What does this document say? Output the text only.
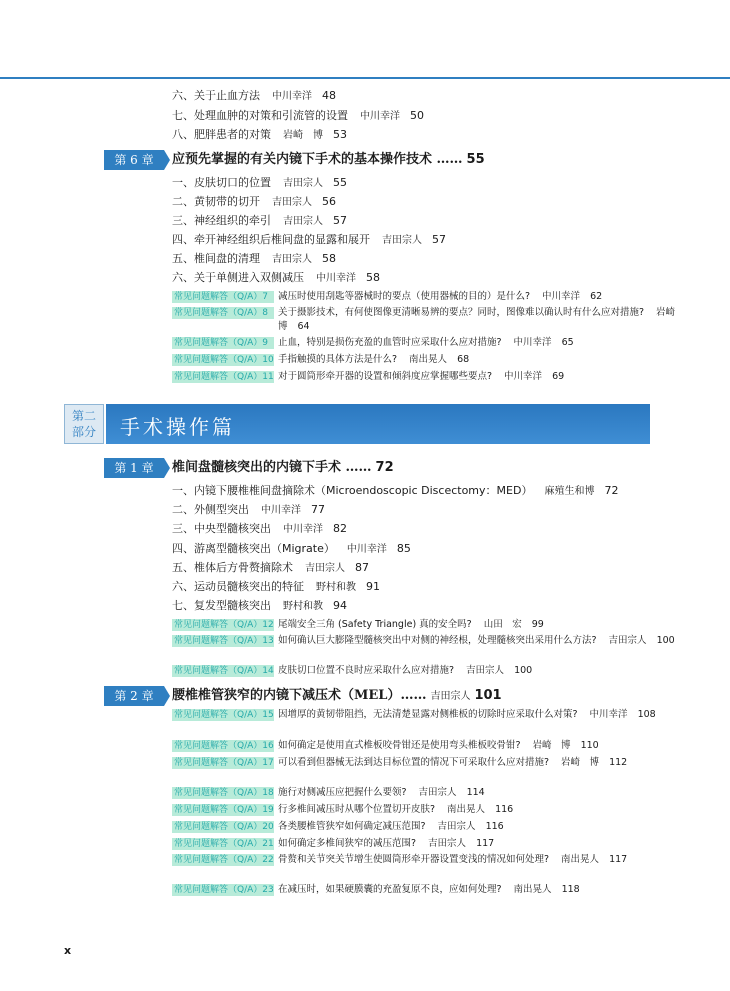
六、关于止血方法 中川幸洋 48
七、处理血肿的对策和引流管的设置 中川幸洋 50
八、肥胖患者的对策 岩崎　博 53
第 6 章	应预先掌握的有关内镜下手术的基本操作技术 …… 55
一、皮肤切口的位置 吉田宗人 55
二、黄韧带的切开 吉田宗人 56
三、神经组织的牵引 吉田宗人 57
四、牵开神经组织后椎间盘的显露和展开 吉田宗人 57
五、椎间盘的清理 吉田宗人 58
六、关于单侧进入双侧减压 中川幸洋 58
常见问题解答（Q/A）7	减压时使用刮匙等器械时的要点（使用器械的目的）是什么? 中川幸洋 62
常见问题解答（Q/A）8	关于摄影技术，有何使图像更清晰易辨的要点？同时，图像难以确认时有什么应对措施? 岩崎　博 64
常见问题解答（Q/A）9	止血，特别是损伤充盈的血管时应采取什么应对措施? 中川幸洋 65
常见问题解答（Q/A）10 手指触摸的具体方法是什么? 南出晃人 68
常见问题解答（Q/A）11 对于圆筒形牵开器的设置和倾斜度应掌握哪些要点? 中川幸洋 69
第二
部分	手术操作篇
第 1 章	椎间盘髓核突出的内镜下手术 …… 72
一、内镜下腰椎椎间盘摘除术（Microendoscopic Discectomy：MED） 麻殖生和博 72
二、外侧型突出 中川幸洋 77
三、中央型髓核突出 中川幸洋 82
四、游离型髓核突出（Migrate） 中川幸洋 85
五、椎体后方骨赘摘除术 吉田宗人 87
六、运动员髓核突出的特征 野村和教 91
七、复发型髓核突出 野村和教 94
常见问题解答（Q/A）12 尾端安全三角 (Safety Triangle) 真的安全吗? 山田　宏 99
常见问题解答（Q/A）13 如何确认巨大膨隆型髓核突出中对侧的神经根，处理髓核突出采用什么方法? 吉田宗人 100
常见问题解答（Q/A）14 皮肤切口位置不良时应采取什么应对措施? 吉田宗人 100
第 2 章	腰椎椎管狭窄的内镜下减压术（MEL）…… 吉田宗人 101
常见问题解答（Q/A）15 因增厚的黄韧带阻挡，无法清楚显露对侧椎板的切除时应采取什么对策? 中川幸洋 108
常见问题解答（Q/A）16 如何确定是使用直式椎板咬骨钳还是使用弯头椎板咬骨钳? 岩崎　博 110
常见问题解答（Q/A）17 可以看到但器械无法到达目标位置的情况下可采取什么应对措施? 岩崎　博 112
常见问题解答（Q/A）18 施行对侧减压应把握什么要领? 吉田宗人 114
常见问题解答（Q/A）19 行多椎间减压时从哪个位置切开皮肤? 南出晃人 116
常见问题解答（Q/A）20 各类腰椎管狭窄如何确定减压范围? 吉田宗人 116
常见问题解答（Q/A）21 如何确定多椎间狭窄的减压范围? 吉田宗人 117
常见问题解答（Q/A）22 骨赘和关节突关节增生使圆筒形牵开器设置变浅的情况如何处理? 南出晃人 117
常见问题解答（Q/A）23 在减压时，如果硬膜囊的充盈复原不良，应如何处理? 南出晃人 118
x
